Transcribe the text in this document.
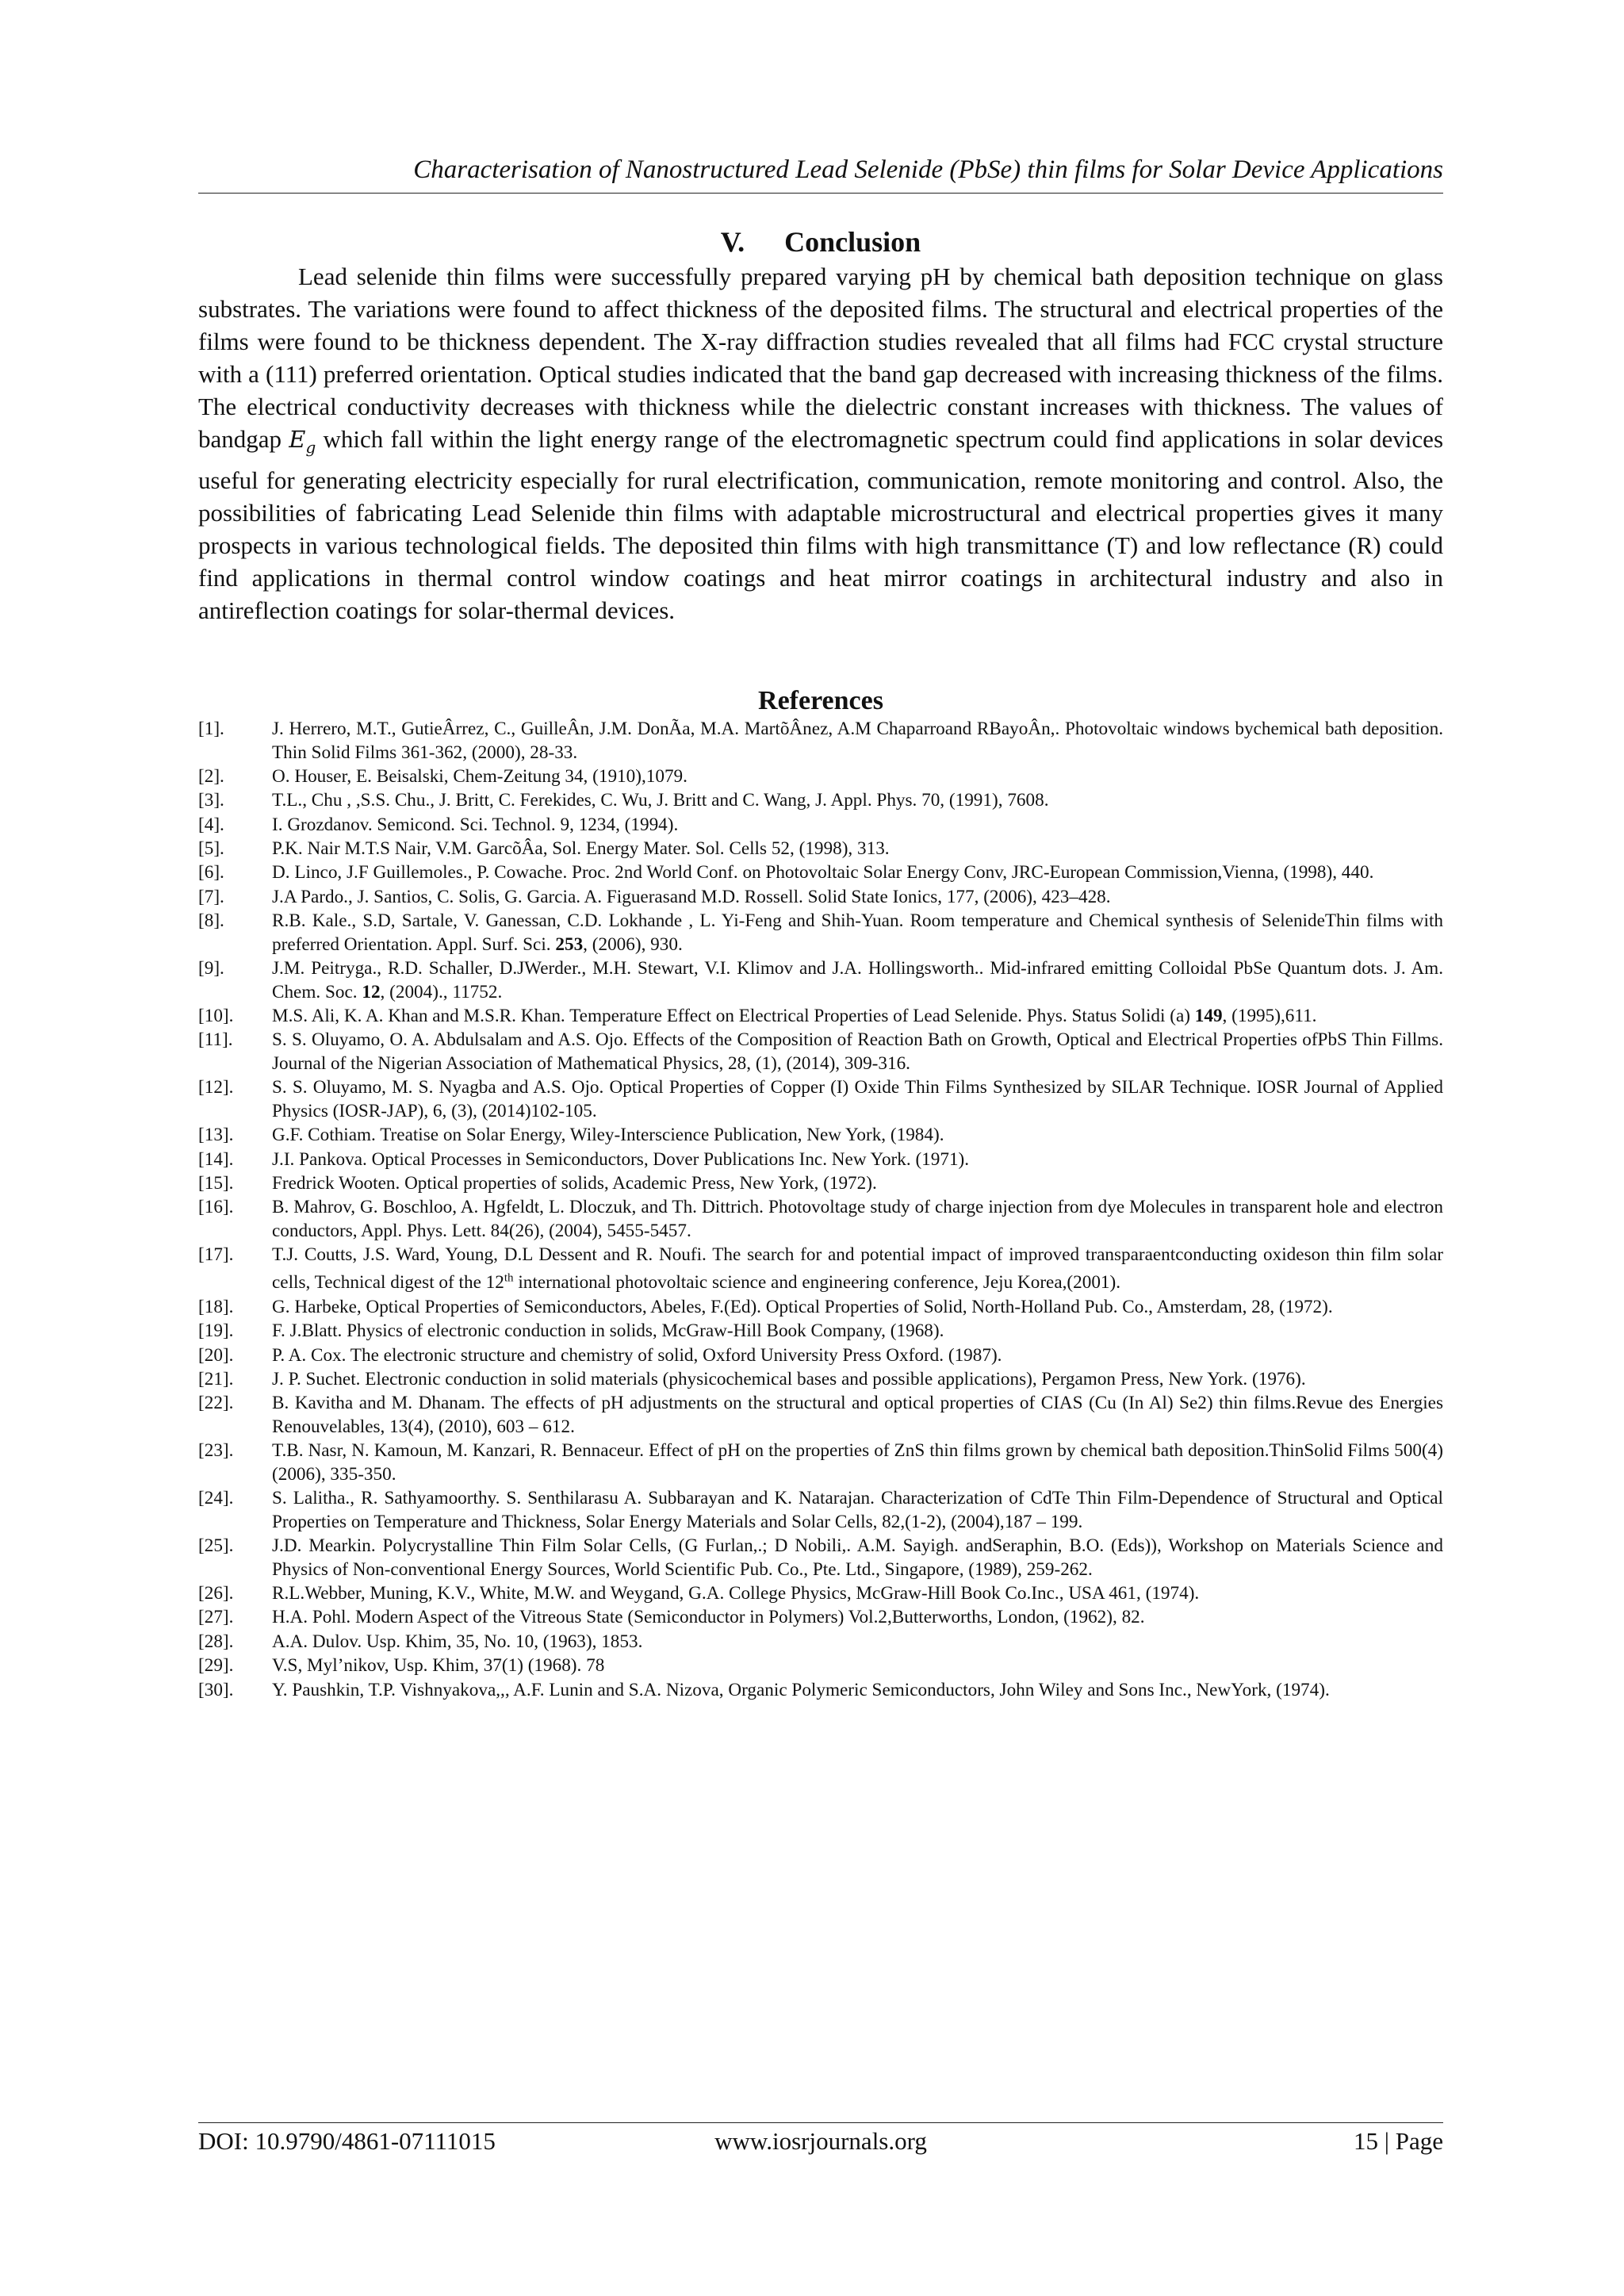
Characterisation of Nanostructured Lead Selenide (PbSe) thin films for Solar Device Applications
V. Conclusion

Lead selenide thin films were successfully prepared varying pH by chemical bath deposition technique on glass substrates. The variations were found to affect thickness of the deposited films. The structural and electrical properties of the films were found to be thickness dependent. The X-ray diffraction studies revealed that all films had FCC crystal structure with a (111) preferred orientation. Optical studies indicated that the band gap decreased with increasing thickness of the films. The electrical conductivity decreases with thickness while the dielectric constant increases with thickness. The values of bandgap $E_g$ which fall within the light energy range of the electromagnetic spectrum could find applications in solar devices useful for generating electricity especially for rural electrification, communication, remote monitoring and control. Also, the possibilities of fabricating Lead Selenide thin films with adaptable microstructural and electrical properties gives it many prospects in various technological fields. The deposited thin films with high transmittance (T) and low reflectance (R) could find applications in thermal control window coatings and heat mirror coatings in architectural industry and also in antireflection coatings for solar-thermal devices.

References
[1].	J. Herrero, M.T., GutieÂrrez, C., GuilleÂn, J.M. DonÃa, M.A. MartõÂnez, A.M Chaparroand RBayoÂn,. Photovoltaic windows bychemical bath deposition. Thin Solid Films 361-362, (2000), 28-33.
[2].	O. Houser, E. Beisalski, Chem-Zeitung 34, (1910),1079.
[3].	T.L., Chu , ,S.S. Chu., J. Britt, C. Ferekides, C. Wu, J. Britt and C. Wang, J. Appl. Phys. 70, (1991), 7608.
[4].	I. Grozdanov. Semicond. Sci. Technol. 9, 1234, (1994).
[5].	P.K. Nair M.T.S Nair, V.M. GarcõÂa, Sol. Energy Mater. Sol. Cells 52, (1998), 313.
[6].	D. Linco, J.F Guillemoles., P. Cowache. Proc. 2nd World Conf. on Photovoltaic Solar Energy Conv, JRC-European Commission,Vienna, (1998), 440.
[7].	J.A Pardo., J. Santios, C. Solis, G. Garcia. A. Figuerasand M.D. Rossell. Solid State Ionics, 177, (2006), 423–428.
[8].	R.B. Kale., S.D, Sartale, V. Ganessan, C.D. Lokhande , L. Yi-Feng and Shih-Yuan. Room temperature and Chemical synthesis of SelenideThin films with preferred Orientation. Appl. Surf. Sci. 253, (2006), 930.
[9].	J.M. Peitryga., R.D. Schaller, D.JWerder., M.H. Stewart, V.I. Klimov and J.A. Hollingsworth.. Mid-infrared emitting Colloidal PbSe Quantum dots. J. Am. Chem. Soc. 12, (2004)., 11752.
[10]. M.S. Ali, K. A. Khan and M.S.R. Khan. Temperature Effect on Electrical Properties of Lead Selenide. Phys. Status Solidi (a) 149, (1995),611.
[11]. S. S. Oluyamo, O. A. Abdulsalam and A.S. Ojo. Effects of the Composition of Reaction Bath on Growth, Optical and Electrical Properties ofPbS Thin Fillms. Journal of the Nigerian Association of Mathematical Physics, 28, (1), (2014), 309-316.
[12]. S. S. Oluyamo, M. S. Nyagba and A.S. Ojo. Optical Properties of Copper (I) Oxide Thin Films Synthesized by SILAR Technique. IOSR Journal of Applied Physics (IOSR-JAP), 6, (3), (2014)102-105.
[13]. G.F. Cothiam. Treatise on Solar Energy, Wiley-Interscience Publication, New York, (1984).
[14]. J.I. Pankova. Optical Processes in Semiconductors, Dover Publications Inc. New York. (1971).
[15]. Fredrick Wooten. Optical properties of solids, Academic Press, New York, (1972).
[16]. B. Mahrov, G. Boschloo, A. Hgfeldt, L. Dloczuk, and Th. Dittrich. Photovoltage study of charge injection from dye Molecules in transparent hole and electron conductors, Appl. Phys. Lett. 84(26), (2004), 5455-5457.
[17]. T.J. Coutts, J.S. Ward, Young, D.L Dessent and R. Noufi. The search for and potential impact of improved transparaentconducting oxideson thin film solar cells, Technical digest of the 12th international photovoltaic science and engineering conference, Jeju Korea,(2001).
[18]. G. Harbeke, Optical Properties of Semiconductors, Abeles, F.(Ed). Optical Properties of Solid, North-Holland Pub. Co., Amsterdam, 28, (1972).
[19]. F. J.Blatt. Physics of electronic conduction in solids, McGraw-Hill Book Company, (1968).
[20]. P. A. Cox. The electronic structure and chemistry of solid, Oxford University Press Oxford. (1987).
[21]. J. P. Suchet. Electronic conduction in solid materials (physicochemical bases and possible applications), Pergamon Press, New York. (1976).
[22]. B. Kavitha and M. Dhanam. The effects of pH adjustments on the structural and optical properties of CIAS (Cu (In Al) Se2) thin films.Revue des Energies Renouvelables, 13(4), (2010), 603 – 612.
[23]. T.B. Nasr, N. Kamoun, M. Kanzari, R. Bennaceur. Effect of pH on the properties of ZnS thin films grown by chemical bath deposition.ThinSolid Films 500(4) (2006), 335-350.
[24]. S. Lalitha., R. Sathyamoorthy. S. Senthilarasu A. Subbarayan and K. Natarajan. Characterization of CdTe Thin Film-Dependence of Structural and Optical Properties on Temperature and Thickness, Solar Energy Materials and Solar Cells, 82,(1-2), (2004),187 – 199.
[25]. J.D. Mearkin. Polycrystalline Thin Film Solar Cells, (G Furlan,.; D Nobili,. A.M. Sayigh. andSeraphin, B.O. (Eds)), Workshop on Materials Science and Physics of Non-conventional Energy Sources, World Scientific Pub. Co., Pte. Ltd., Singapore, (1989), 259-262.
[26]. R.L.Webber, Muning, K.V., White, M.W. and Weygand, G.A. College Physics, McGraw-Hill Book Co.Inc., USA 461, (1974).
[27]. H.A. Pohl. Modern Aspect of the Vitreous State (Semiconductor in Polymers) Vol.2,Butterworths, London, (1962), 82.
[28]. A.A. Dulov. Usp. Khim, 35, No. 10, (1963), 1853.
[29]. V.S, Myl’nikov, Usp. Khim, 37(1) (1968). 78
[30]. Y. Paushkin, T.P. Vishnyakova,,, A.F. Lunin and S.A. Nizova, Organic Polymeric Semiconductors, John Wiley and Sons Inc., NewYork, (1974).
DOI: 10.9790/4861-07111015	www.iosrjournals.org	15 | Page
